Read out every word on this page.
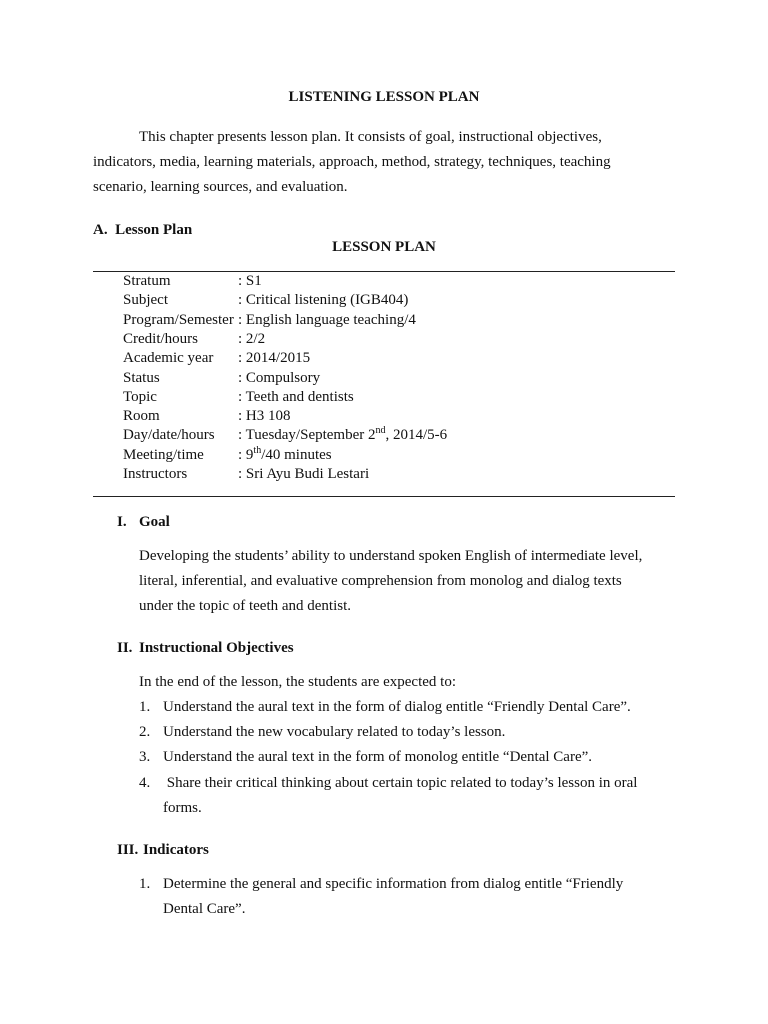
LISTENING LESSON PLAN
This chapter presents lesson plan. It consists of goal, instructional objectives,
indicators, media, learning materials, approach, method, strategy, techniques, teaching
scenario, learning sources, and evaluation.
A. Lesson Plan
LESSON PLAN
Stratum	: S1
Subject	: Critical listening (IGB404)
Program/Semester : English language teaching/4
Credit/hours	: 2/2
Academic year : 2014/2015
Status	: Compulsory
Topic	: Teeth and dentists
Room	: H3 108
Day/date/hours : Tuesday/September 2nd, 2014/5-6
Meeting/time : 9th/40 minutes
Instructors	: Sri Ayu Budi Lestari
I. Goal
Developing the students’ ability to understand spoken English of intermediate level,
literal, inferential, and evaluative comprehension from monolog and dialog texts
under the topic of teeth and dentist.
II. Instructional Objectives
In the end of the lesson, the students are expected to:
1. Understand the aural text in the form of dialog entitle “Friendly Dental Care”.
2. Understand the new vocabulary related to today’s lesson.
3. Understand the aural text in the form of monolog entitle “Dental Care”.
4. Share their critical thinking about certain topic related to today’s lesson in oral
forms.
III. Indicators
1. Determine the general and specific information from dialog entitle “Friendly
Dental Care”.
